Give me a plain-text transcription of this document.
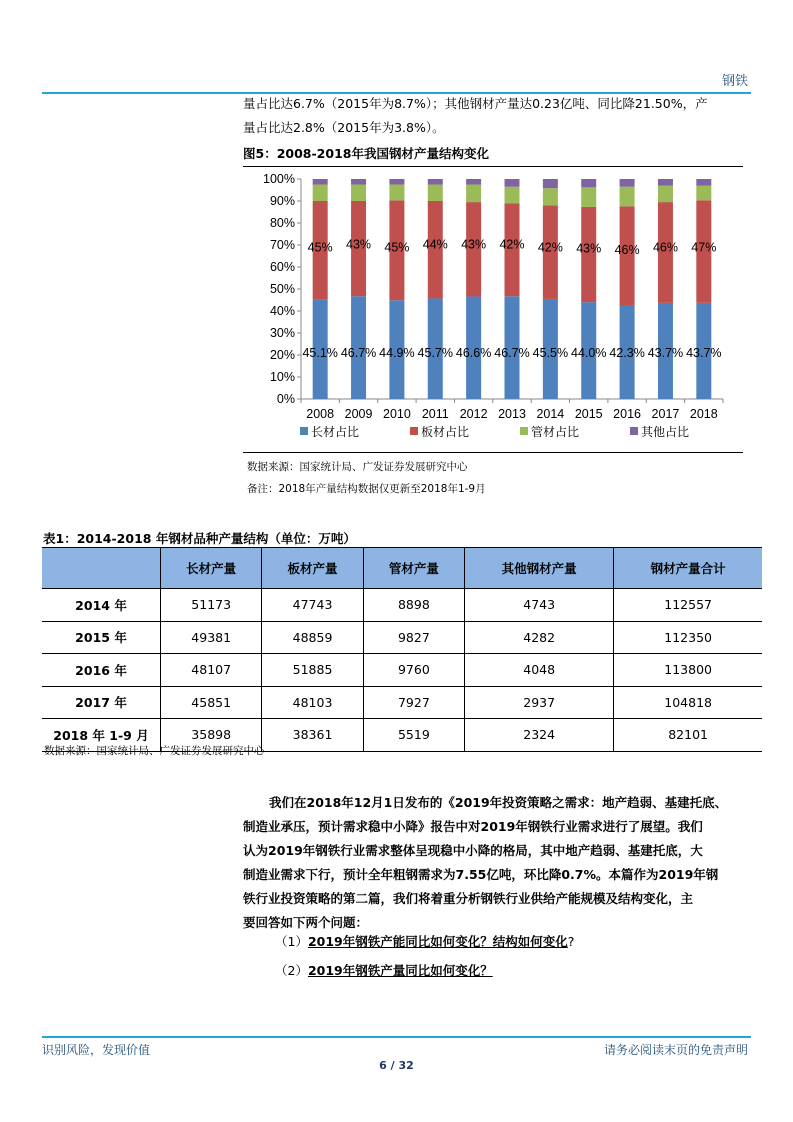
钢铁
量占比达6.7%（2015年为8.7%）；其他钢材产量达0.23亿吨、同比降21.50%，产
量占比达2.8%（2015年为3.8%）。
图5：2008-2018年我国钢材产量结构变化
0%
10%
20%
30%
40%
50%
60%
70%
80%
90%
100%
2008
45.1%
45%
2009
46.7%
43%
2010
44.9%
45%
2011
45.7%
44%
2012
46.6%
43%
2013
46.7%
42%
2014
45.5%
42%
2015
44.0%
43%
2016
42.3%
46%
2017
43.7%
46%
2018
43.7%
47%
长材占比	板材占比	管材占比	其他占比
数据来源：国家统计局、广发证券发展研究中心
备注：2018年产量结构数据仅更新至2018年1-9月
表1：2014-2018 年钢材品种产量结构（单位：万吨）
	长材产量	板材产量	管材产量	其他钢材产量	钢材产量合计
2014 年	51173	47743	8898	4743	112557
2015 年	49381	48859	9827	4282	112350
2016 年	48107	51885	9760	4048	113800
2017 年	45851	48103	7927	2937	104818
2018 年 1-9 月	35898	38361	5519	2324	82101
数据来源：国家统计局、广发证券发展研究中心
我们在2018年12月1日发布的《2019年投资策略之需求：地产趋弱、基建托底、
制造业承压，预计需求稳中小降》报告中对2019年钢铁行业需求进行了展望。我们
认为2019年钢铁行业需求整体呈现稳中小降的格局，其中地产趋弱、基建托底，大
制造业需求下行，预计全年粗钢需求为7.55亿吨，环比降0.7%。本篇作为2019年钢
铁行业投资策略的第二篇，我们将着重分析钢铁行业供给产能规模及结构变化，主
要回答如下两个问题：
（1）2019年钢铁产能同比如何变化？结构如何变化?
（2）2019年钢铁产量同比如何变化？
识别风险，发现价值	请务必阅读末页的免责声明
6 / 32
